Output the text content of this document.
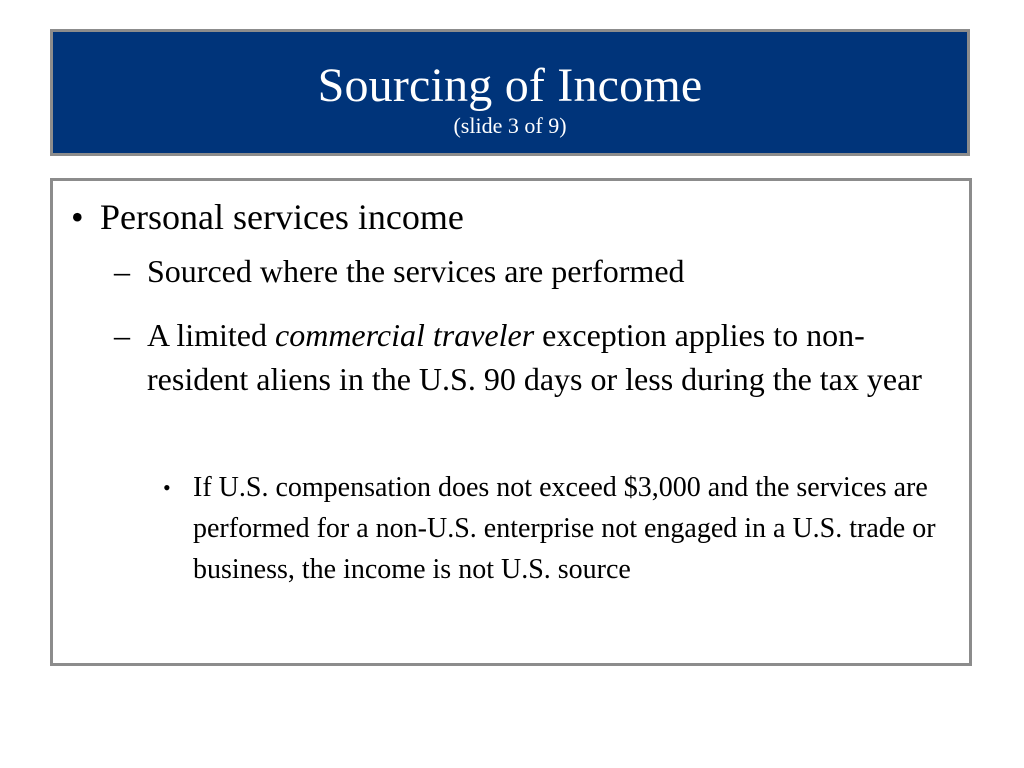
Sourcing of Income
(slide 3 of 9)
• Personal services income
– Sourced where the services are performed
– A limited commercial traveler exception applies to non-resident aliens in the U.S. 90 days or less during the tax year
• If U.S. compensation does not exceed $3,000 and the services are performed for a non-U.S. enterprise not engaged in a U.S. trade or business, the income is not U.S. source
